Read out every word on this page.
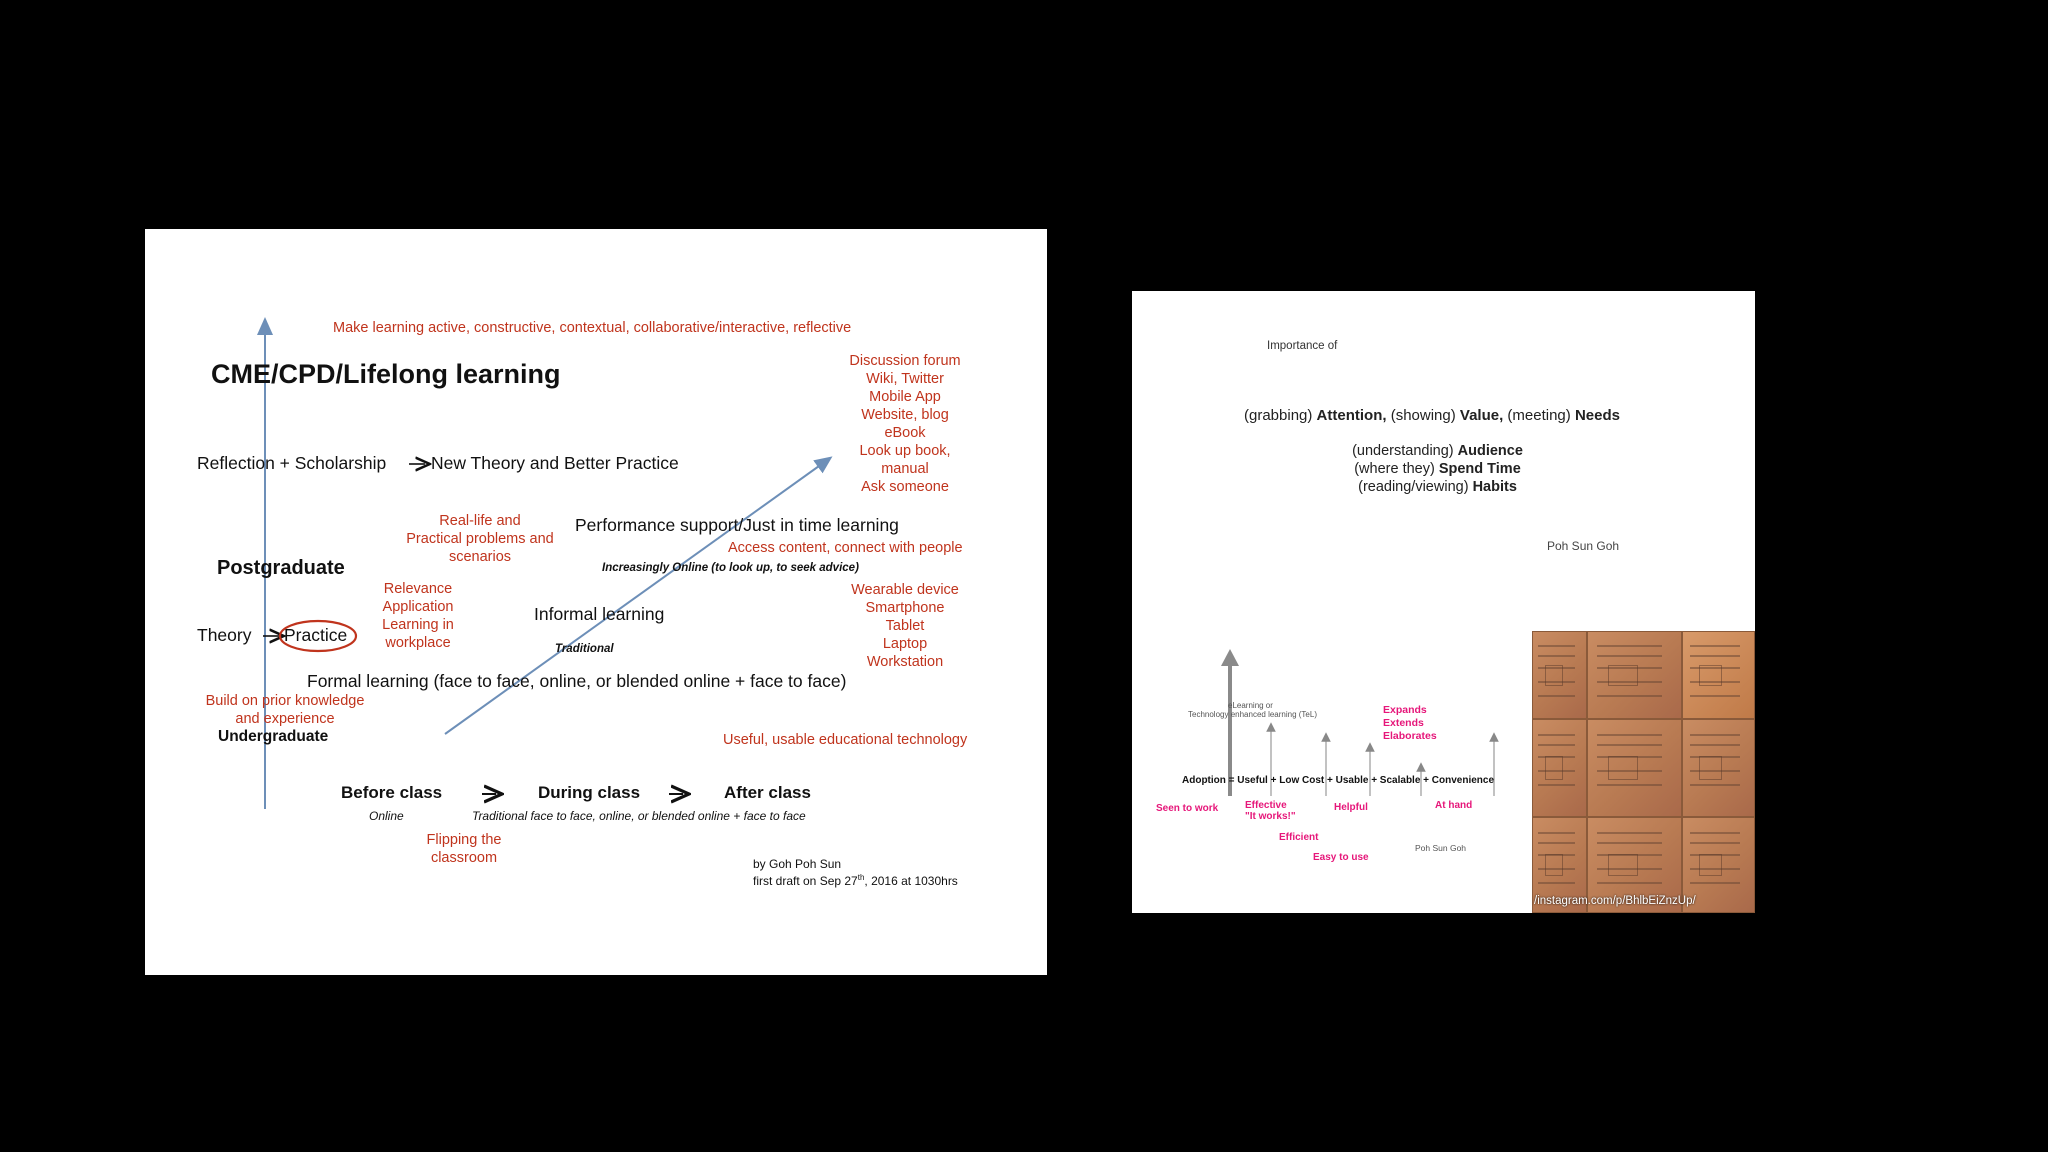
Make learning active, constructive, contextual, collaborative/interactive, reflective
CME/CPD/Lifelong learning
Reflection + Scholarship	New Theory and Better Practice
Discussion forum
Wiki, Twitter
Mobile App
Website, blog
eBook
Look up book,
manual
Ask someone
Real-life and
Practical problems and
scenarios
Performance support/Just in time learning
Access content, connect with people
Increasingly Online (to look up, to seek advice)
Postgraduate
Relevance
Application
Learning in
workplace
Wearable device
Smartphone
Tablet
Laptop
Workstation
Theory Practice
Informal learning
Traditional
Formal learning (face to face, online, or blended online + face to face)
Build on prior knowledge
and experience
Undergraduate	Useful, usable educational technology
Before class	During class	After class
Online	Traditional face to face, online, or blended online + face to face
Flipping the
classroom	by Goh Poh Sun
first draft on Sep 27th, 2016 at 1030hrs
Importance of
(grabbing) Attention, (showing) Value, (meeting) Needs
(understanding) Audience
(where they) Spend Time
(reading/viewing) Habits
Poh Sun Goh
eLearning or
Technology enhanced learning (TeL)	Expands
Extends
Elaborates
Adoption = Useful + Low Cost + Usable + Scalable + Convenience
Seen to work	Effective
"It works!"
Helpful	At hand
Efficient
Easy to use
Poh Sun Goh
/instagram.com/p/BhlbEiZnzUp/
